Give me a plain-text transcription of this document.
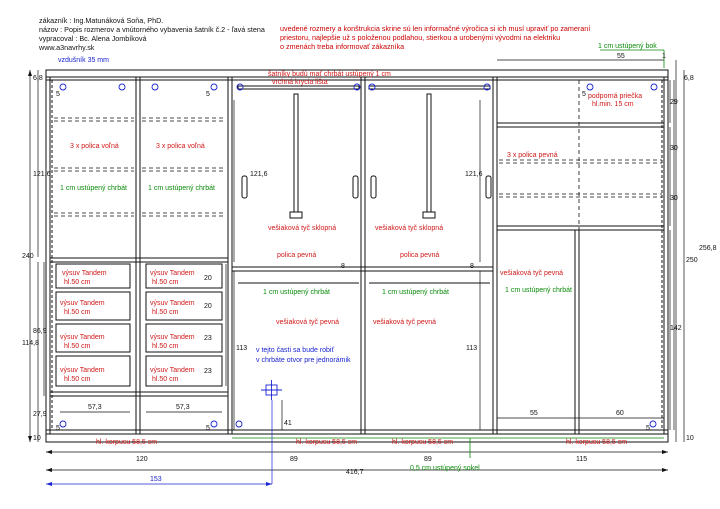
zákazník : Ing.Matunáková Soňa, PhD.
názov : Popis rozmerov a vnútorného vybavenia šatník č.2 - ľavá stena
vypracoval : Bc. Alena Jombíková
www.a3navrhy.sk
uvedené rozmery a konštrukcia skrine sú len informačné výročica si ich musí upraviť po zameraní
priestoru, najlepšie už s položenou podlahou, stierkou a urobenými vývodmi na elektriku
o zmenách treba informovať zákazníka
vzdušník 35 mm
v tejto časti sa bude robiť
v chrbáte otvor pre jednorámik
153
1 cm ustúpený bok
1 cm ustúpený chrbát	1 cm ustúpený chrbát
1 cm ustúpený chrbát	1 cm ustúpený chrbát	1 cm ustúpený chrbát
0,5 cm ustúpený sokel
šatníky budú mať chrbát ustúpený 1 cm
vrchná krycia lišta
podporná priečka
hl.min. 15 cm
3 x polica voľná	3 x polica voľná
3 x polica pevná
vešiaková tyč sklopná	vešiaková tyč sklopná
polica pevná	polica pevná
vešiaková tyč pevná
vešiaková tyč pevná	vešiaková tyč pevná
výsuv Tandem
hl.50 cm
výsuv Tandem
hl.50 cm
výsuv Tandem
hl.50 cm
výsuv Tandem
hl.50 cm
výsuv Tandem
hl.50 cm
výsuv Tandem
hl.50 cm
výsuv Tandem
hl.50 cm
výsuv Tandem
hl.50 cm
hl. korpusu 58,5 cm	hl. korpusu 58,5 cm	hl. korpusu 58,5 cm	hl. korpusu 58,5 cm
6,8	6,8
240
121,6
114,8
86,9
27,9
10	10
256,8
250
57,3	57,3
120	89	89	115
416,7
55
55	60
121,6	121,6
113	113
41
20
20
23
23
8	8
29
30
30
142
5	5	5
5	5	5
1
